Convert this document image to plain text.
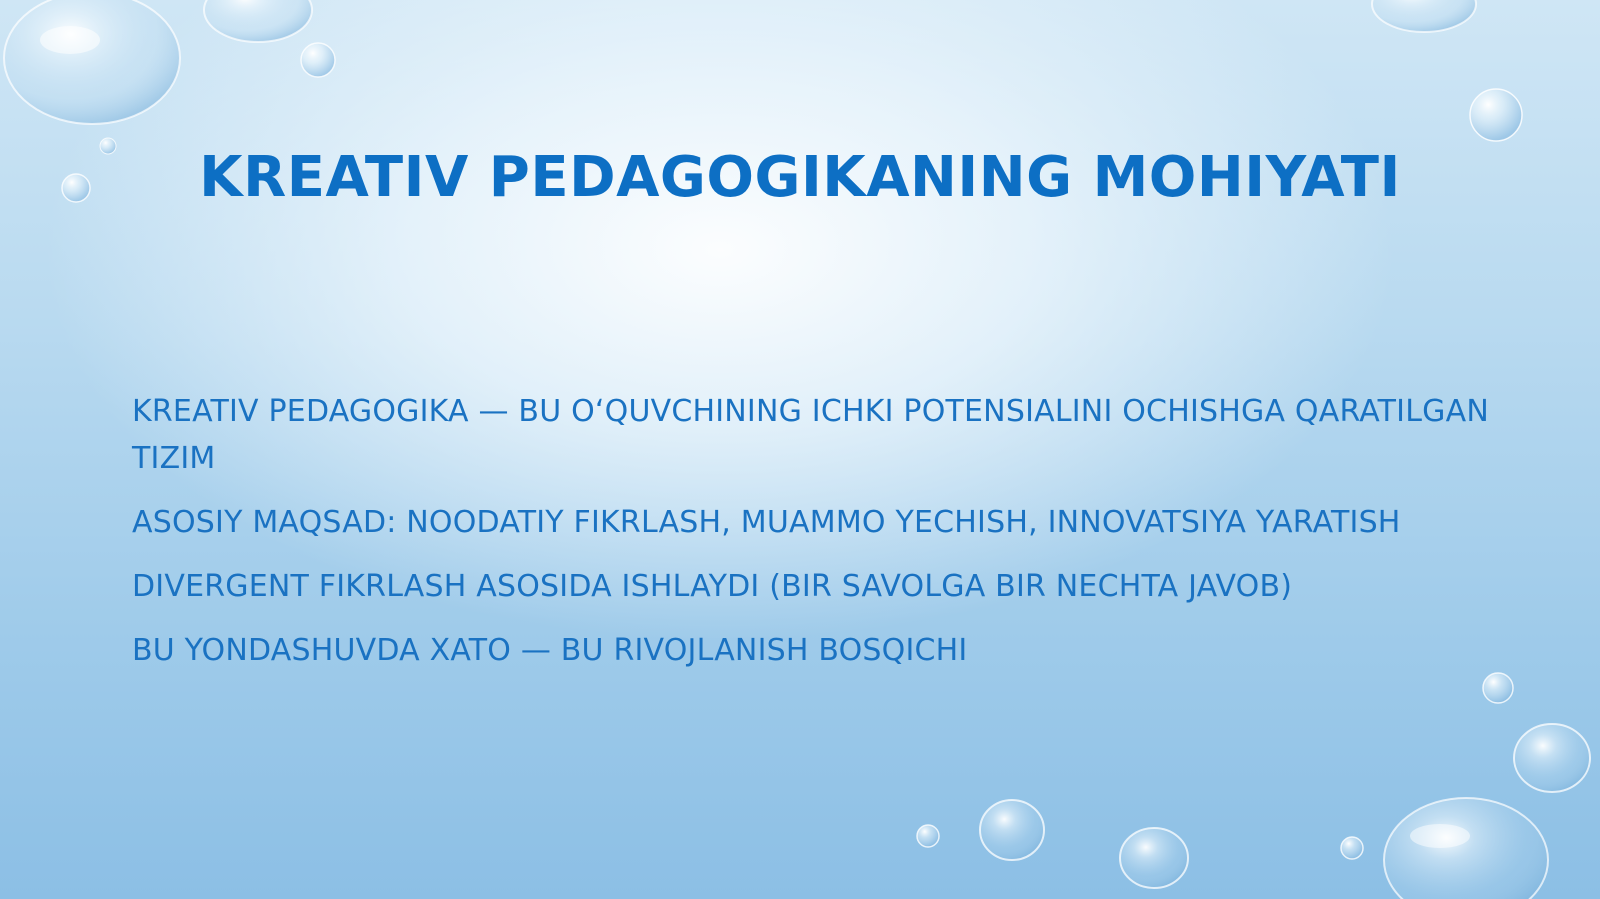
KREATIV PEDAGOGIKANING MOHIYATI
KREATIV PEDAGOGIKA — BU O‘QUVCHINING ICHKI POTENSIALINI OCHISHGA QARATILGAN TIZIM
ASOSIY MAQSAD: NOODATIY FIKRLASH, MUAMMO YECHISH, INNOVATSIYA YARATISH
DIVERGENT FIKRLASH ASOSIDA ISHLAYDI (BIR SAVOLGA BIR NECHTA JAVOB)
BU YONDASHUVDA XATO — BU RIVOJLANISH BOSQICHI
